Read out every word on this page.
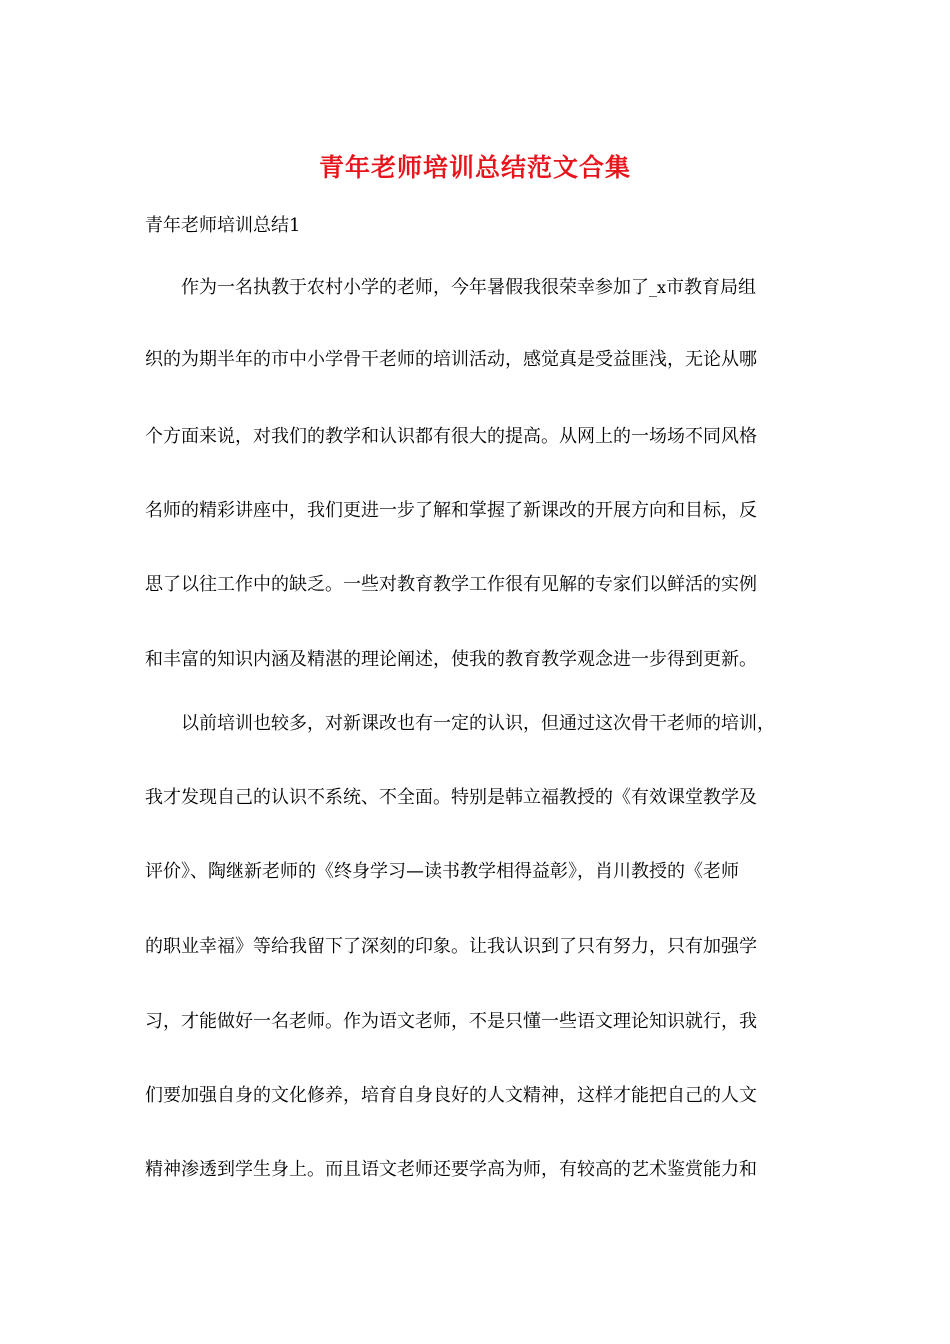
青年老师培训总结范文合集

青年老师培训总结1

作为一名执教于农村小学的老师，今年暑假我很荣幸参加了_x市教育局组

织的为期半年的市中小学骨干老师的培训活动，感觉真是受益匪浅，无论从哪

个方面来说，对我们的教学和认识都有很大的提高。从网上的一场场不同风格

名师的精彩讲座中，我们更进一步了解和掌握了新课改的开展方向和目标，反

思了以往工作中的缺乏。一些对教育教学工作很有见解的专家们以鲜活的实例

和丰富的知识内涵及精湛的理论阐述，使我的教育教学观念进一步得到更新。

以前培训也较多，对新课改也有一定的认识，但通过这次骨干老师的培训，

我才发现自己的认识不系统、不全面。特别是韩立福教授的《有效课堂教学及

评价》、陶继新老师的《终身学习—读书教学相得益彰》，肖川教授的《老师

的职业幸福》等给我留下了深刻的印象。让我认识到了只有努力，只有加强学

习，才能做好一名老师。作为语文老师，不是只懂一些语文理论知识就行，我

们要加强自身的文化修养，培育自身良好的人文精神，这样才能把自己的人文

精神渗透到学生身上。而且语文老师还要学高为师，有较高的艺术鉴赏能力和
